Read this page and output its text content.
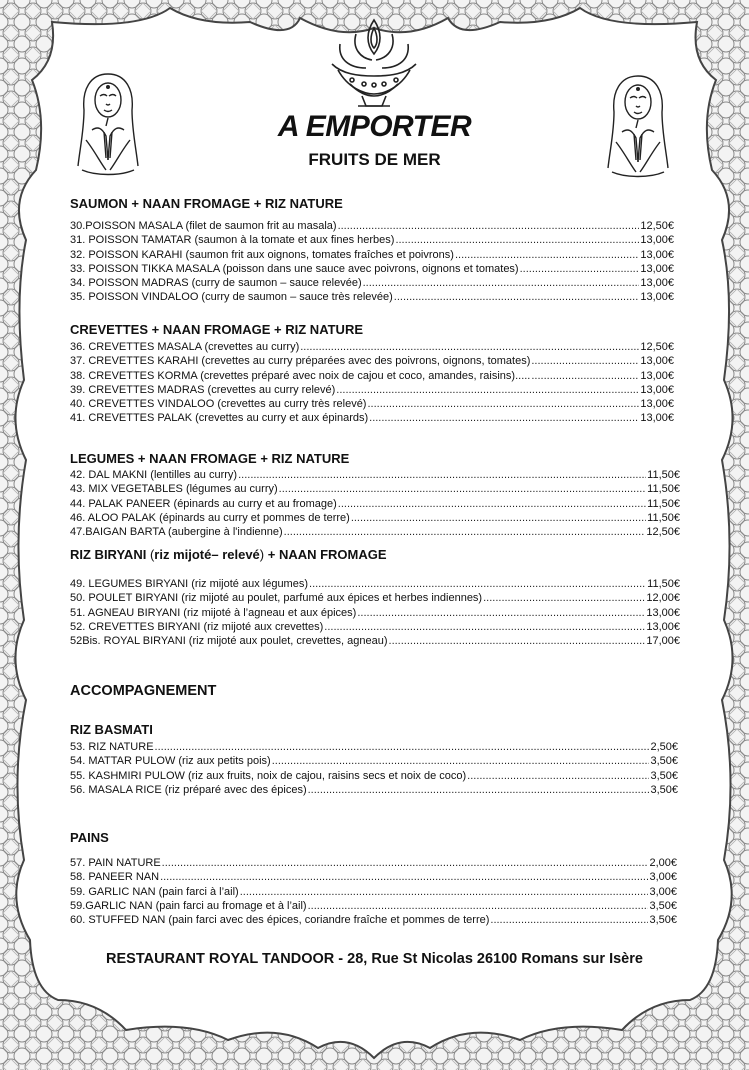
A EMPORTER
FRUITS DE MER
SAUMON + NAAN FROMAGE + RIZ NATURE
30.POISSON MASALA (filet de saumon frit au masala) .....	12,50€
31. POISSON TAMATAR (saumon à la tomate et aux fines herbes) .....	13,00€
32. POISSON KARAHI (saumon frit aux oignons, tomates fraîches et poivrons) .....	13,00€
33. POISSON TIKKA MASALA (poisson dans une sauce avec poivrons, oignons et tomates) .....	13,00€
34. POISSON MADRAS (curry de saumon – sauce relevée) .....	13,00€
35. POISSON VINDALOO (curry de saumon – sauce très relevée) .....	13,00€
CREVETTES + NAAN FROMAGE + RIZ NATURE
36. CREVETTES MASALA (crevettes au curry) .....	12,50€
37. CREVETTES KARAHI (crevettes au curry préparées avec des poivrons, oignons, tomates) .....	13,00€
38. CREVETTES KORMA (crevettes préparé avec noix de cajou et coco, amandes, raisins)..... .....	13,00€
39. CREVETTES MADRAS (crevettes au curry relevé) .....	13,00€
40. CREVETTES VINDALOO (crevettes au curry très relevé) .....	13,00€
41. CREVETTES PALAK (crevettes au curry et aux épinards) .....	13,00€
LEGUMES + NAAN FROMAGE + RIZ NATURE
42. DAL MAKNI (lentilles au curry) .....	11,50€
43. MIX VEGETABLES (légumes au curry) .....	11,50€
44. PALAK PANEER (épinards au curry et au fromage) .....	11,50€
46. ALOO PALAK (épinards au curry et pommes de terre) .....	11,50€
47.BAIGAN BARTA (aubergine à l'indienne) .....	12,50€
RIZ BIRYANI (riz mijoté– relevé) + NAAN FROMAGE
49. LEGUMES BIRYANI (riz mijoté aux légumes) .....	11,50€
50. POULET BIRYANI (riz mijoté au poulet, parfumé aux épices et herbes indiennes) .....	12,00€
51. AGNEAU BIRYANI (riz mijoté à l’agneau et aux épices) .....	13,00€
52. CREVETTES BIRYANI (riz mijoté aux crevettes) .....	13,00€
52Bis. ROYAL BIRYANI (riz mijoté aux poulet, crevettes, agneau) .....	17,00€
ACCOMPAGNEMENT
RIZ BASMATI
53. RIZ NATURE .....	2,50€
54. MATTAR PULOW (riz aux petits pois) .....	3,50€
55. KASHMIRI PULOW (riz aux fruits, noix de cajou, raisins secs et noix de coco) .....	3,50€
56. MASALA RICE (riz préparé avec des épices) .....	3,50€
PAINS
57. PAIN NATURE .....	2,00€
58. PANEER NAN .....	3,00€
59. GARLIC NAN (pain farci à l’ail) .....	3,00€
59.GARLIC NAN (pain farci au fromage et à l’ail) .....	3,50€
60. STUFFED NAN (pain farci avec des épices, coriandre fraîche et pommes de terre) .....	3,50€
RESTAURANT ROYAL TANDOOR - 28, Rue St Nicolas 26100 Romans sur Isère
